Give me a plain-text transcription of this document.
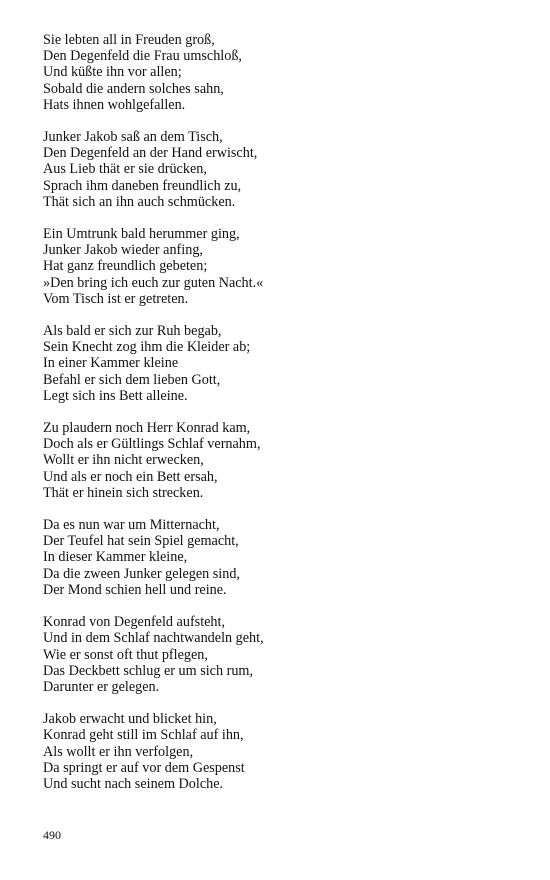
Sie lebten all in Freuden groß,
Den Degenfeld die Frau umschloß,
Und küßte ihn vor allen;
Sobald die andern solches sahn,
Hats ihnen wohlgefallen.
Junker Jakob saß an dem Tisch,
Den Degenfeld an der Hand erwischt,
Aus Lieb thät er sie drücken,
Sprach ihm daneben freundlich zu,
Thät sich an ihn auch schmücken.
Ein Umtrunk bald herummer ging,
Junker Jakob wieder anfing,
Hat ganz freundlich gebeten;
»Den bring ich euch zur guten Nacht.«
Vom Tisch ist er getreten.
Als bald er sich zur Ruh begab,
Sein Knecht zog ihm die Kleider ab;
In einer Kammer kleine
Befahl er sich dem lieben Gott,
Legt sich ins Bett alleine.
Zu plaudern noch Herr Konrad kam,
Doch als er Gültlings Schlaf vernahm,
Wollt er ihn nicht erwecken,
Und als er noch ein Bett ersah,
Thät er hinein sich strecken.
Da es nun war um Mitternacht,
Der Teufel hat sein Spiel gemacht,
In dieser Kammer kleine,
Da die zween Junker gelegen sind,
Der Mond schien hell und reine.
Konrad von Degenfeld aufsteht,
Und in dem Schlaf nachtwandeln geht,
Wie er sonst oft thut pflegen,
Das Deckbett schlug er um sich rum,
Darunter er gelegen.
Jakob erwacht und blicket hin,
Konrad geht still im Schlaf auf ihn,
Als wollt er ihn verfolgen,
Da springt er auf vor dem Gespenst
Und sucht nach seinem Dolche.
490
